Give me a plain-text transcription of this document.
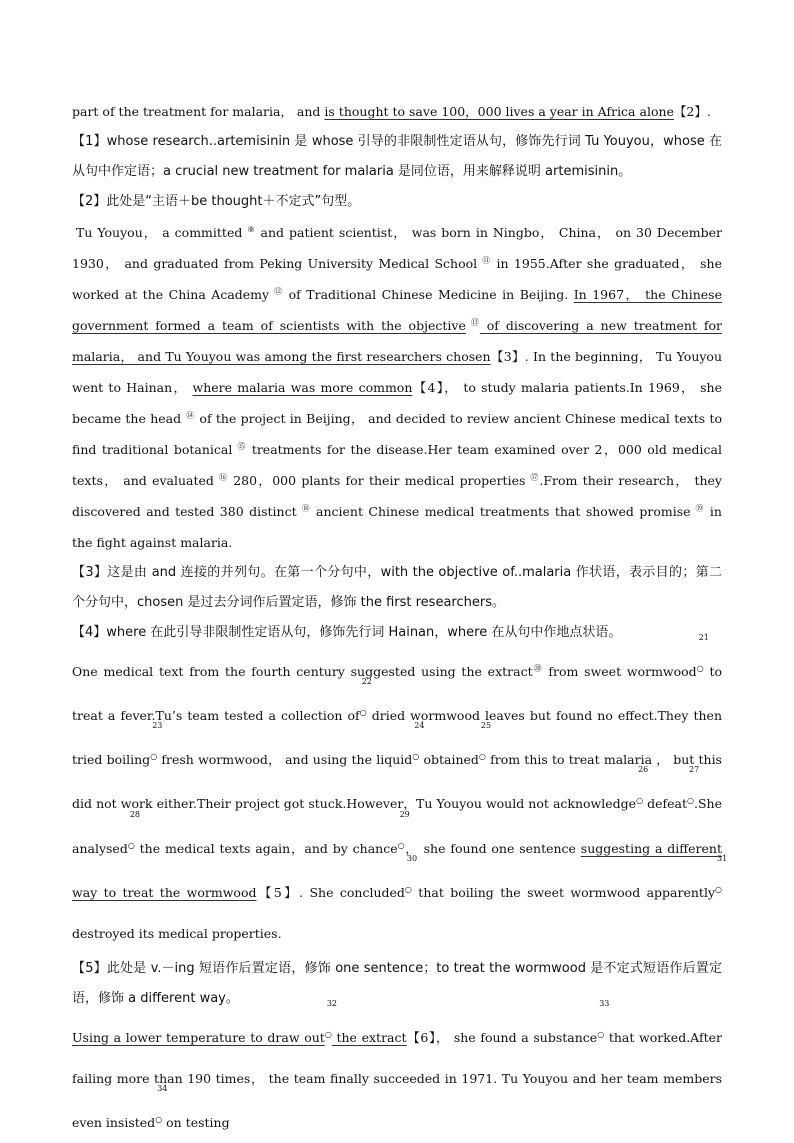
part of the treatment for malaria， and is thought to save 100，000 lives a year in Africa alone【2】.

【1】whose research..artemisinin 是 whose 引导的非限制性定语从句，修饰先行词 Tu Youyou，whose 在从句中作定语；a crucial new treatment for malaria 是同位语，用来解释说明 artemisinin。

【2】此处是“主语＋be thought＋不定式”句型。

Tu Youyou， a committed ⑨ and patient scientist， was born in Ningbo， China， on 30 December 1930， and graduated from Peking University Medical School ⑪ in 1955.After she graduated， she worked at the China Academy ⑫ of Traditional Chinese Medicine in Beijing. In 1967， the Chinese government formed a team of scientists with the objective ⑬ of discovering a new treatment for malaria， and Tu Youyou was among the first researchers chosen【3】. In the beginning， Tu Youyou went to Hainan， where malaria was more common【4】， to study malaria patients.In 1969， she became the head ⑭ of the project in Beijing， and decided to review ancient Chinese medical texts to find traditional botanical ⑮ treatments for the disease.Her team examined over 2，000 old medical texts， and evaluated ⑯ 280，000 plants for their medical properties ⑰.From their research， they discovered and tested 380 distinct ⑱ ancient Chinese medical treatments that showed promise ⑲ in the fight against malaria.

【3】这是由 and 连接的并列句。在第一个分句中，with the objective of..malaria 作状语，表示目的；第二个分句中，chosen 是过去分词作后置定语，修饰 the first researchers。

【4】where 在此引导非限制性定语从句，修饰先行词 Hainan，where 在从句中作地点状语。

One medical text from the fourth century suggested using the extract⑳ from sweet wormwood
21
○ to treat a fever.Tu’s team tested a collection of
22
○ dried wormwood leaves but found no effect.They then tried boiling
23
○ fresh wormwood， and using the liquid
24
○ obtained
25
○ from this to treat malaria ， but this did not work either.Their project got stuck.However，Tu Youyou would not acknowledge
26
○ defeat
27
○.She analysed
28
○ the medical texts again，and by chance
29
○， she found one sentence suggesting a different way to treat the wormwood【5】. She concluded
30
○ that boiling the sweet wormwood apparently
31
○ destroyed its medical properties.

【5】此处是 v.－ing 短语作后置定语，修饰 one sentence；to treat the wormwood 是不定式短语作后置定语，修饰 a different way。

Using a lower temperature to draw out
32
○ the extract【6】， she found a substance
33
○ that worked.After failing more than 190 times， the team finally succeeded in 1971. Tu Youyou and her team members even insisted
34
○ on testing
